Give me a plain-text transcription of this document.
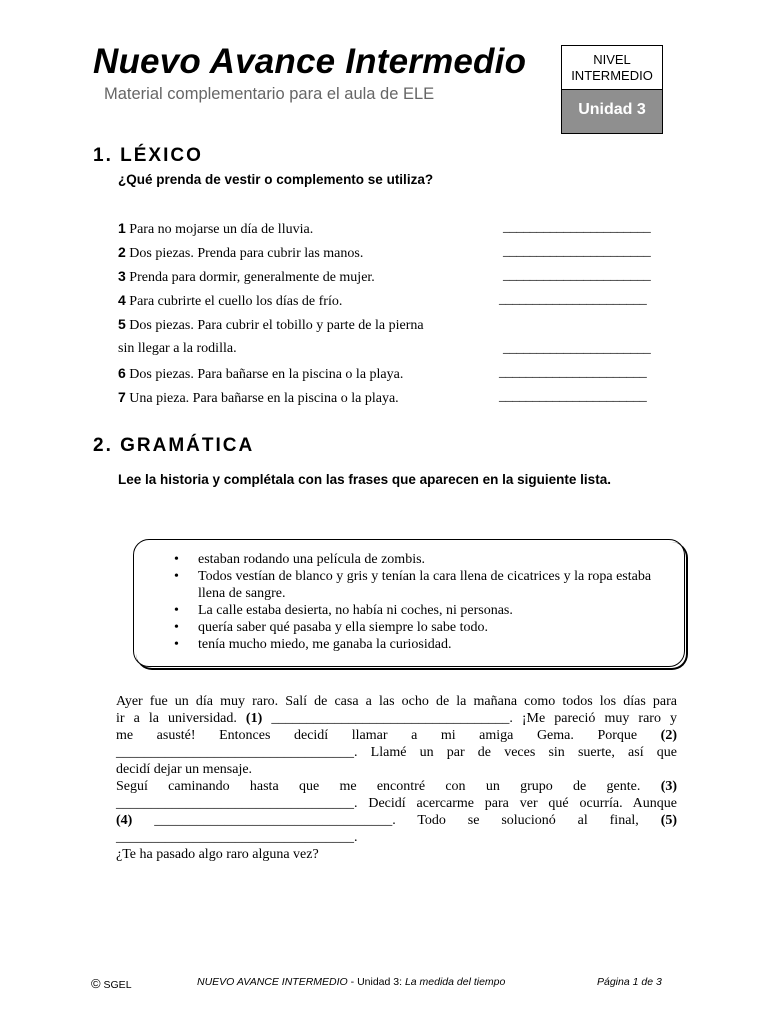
Nuevo Avance Intermedio
Material complementario para el aula de ELE
NIVEL
INTERMEDIO
Unidad 3
1. LÉXICO
¿Qué prenda de vestir o complemento se utiliza?
1 Para no mojarse un día de lluvia.	______________________
2 Dos piezas. Prenda para cubrir las manos.	______________________
3 Prenda para dormir, generalmente de mujer.	______________________
4 Para cubrirte el cuello los días de frío.	______________________
5 Dos piezas. Para cubrir el tobillo y parte de la pierna
sin llegar a la rodilla.	______________________
6 Dos piezas. Para bañarse en la piscina o la playa.	______________________
7 Una pieza. Para bañarse en la piscina o la playa.	______________________
2. GRAMÁTICA
Lee la historia y complétala con las frases que aparecen en la siguiente lista.
• estaban rodando una película de zombis.
• Todos vestían de blanco y gris y tenían la cara llena de cicatrices y la ropa estaba llena de sangre.
• La calle estaba desierta, no había ni coches, ni personas.
• quería saber qué pasaba y ella siempre lo sabe todo.
• tenía mucho miedo, me ganaba la curiosidad.
Ayer fue un día muy raro. Salí de casa a las ocho de la mañana como todos los días para
ir a la universidad. (1) __________________________________. ¡Me pareció muy raro y
me asusté! Entonces decidí llamar a mi amiga Gema. Porque (2)
__________________________________. Llamé un par de veces sin suerte, así que
decidí dejar un mensaje.
Seguí caminando hasta que me encontré con un grupo de gente. (3)
__________________________________. Decidí acercarme para ver qué ocurría. Aunque
(4) __________________________________. Todo se solucionó al final, (5)
__________________________________.
¿Te ha pasado algo raro alguna vez?
© SGEL	NUEVO AVANCE INTERMEDIO - Unidad 3: La medida del tiempo	Página 1 de 3
